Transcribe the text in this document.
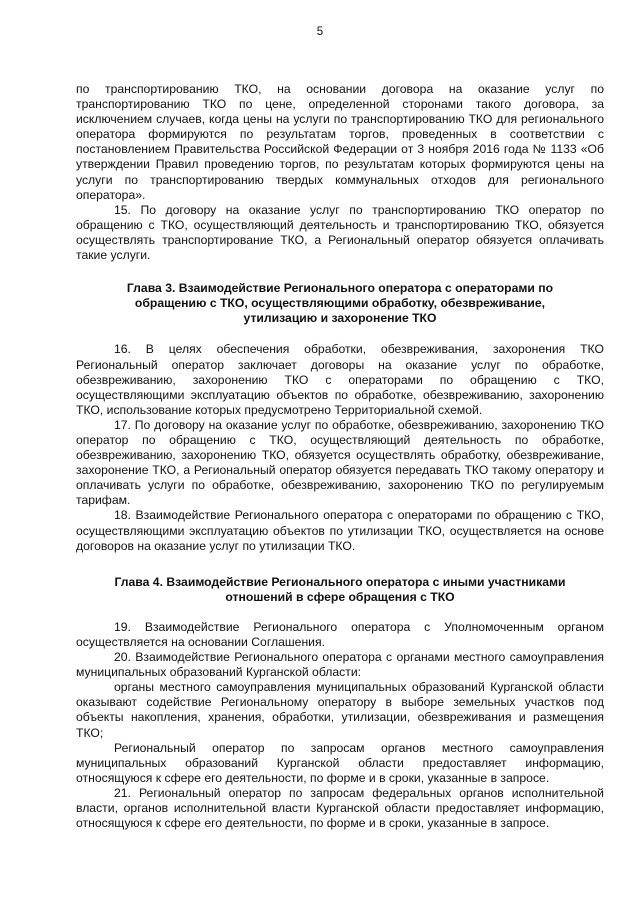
5

по транспортированию ТКО, на основании договора на оказание услуг по транспортированию ТКО по цене, определенной сторонами такого договора, за исключением случаев, когда цены на услуги по транспортированию ТКО для регионального оператора формируются по результатам торгов, проведенных в соответствии с постановлением Правительства Российской Федерации от 3 ноября 2016 года № 1133 «Об утверждении Правил проведению торгов, по результатам которых формируются цены на услуги по транспортированию твердых коммунальных отходов для регионального оператора».

15. По договору на оказание услуг по транспортированию ТКО оператор по обращению с ТКО, осуществляющий деятельность и транспортированию ТКО, обязуется осуществлять транспортирование ТКО, а Региональный оператор обязуется оплачивать такие услуги.

Глава 3. Взаимодействие Регионального оператора с операторами по обращению с ТКО, осуществляющими обработку, обезвреживание, утилизацию и захоронение ТКО

16. В целях обеспечения обработки, обезвреживания, захоронения ТКО Региональный оператор заключает договоры на оказание услуг по обработке, обезвреживанию, захоронению ТКО с операторами по обращению с ТКО, осуществляющими эксплуатацию объектов по обработке, обезвреживанию, захоронению ТКО, использование которых предусмотрено Территориальной схемой.

17. По договору на оказание услуг по обработке, обезвреживанию, захоронению ТКО оператор по обращению с ТКО, осуществляющий деятельность по обработке, обезвреживанию, захоронению ТКО, обязуется осуществлять обработку, обезвреживание, захоронение ТКО, а Региональный оператор обязуется передавать ТКО такому оператору и оплачивать услуги по обработке, обезвреживанию, захоронению ТКО по регулируемым тарифам.

18. Взаимодействие Регионального оператора с операторами по обращению с ТКО, осуществляющими эксплуатацию объектов по утилизации ТКО, осуществляется на основе договоров на оказание услуг по утилизации ТКО.

Глава 4. Взаимодействие Регионального оператора с иными участниками отношений в сфере обращения с ТКО

19. Взаимодействие Регионального оператора с Уполномоченным органом осуществляется на основании Соглашения.

20. Взаимодействие Регионального оператора с органами местного самоуправления муниципальных образований Курганской области:

органы местного самоуправления муниципальных образований Курганской области оказывают содействие Региональному оператору в выборе земельных участков под объекты накопления, хранения, обработки, утилизации, обезвреживания и размещения ТКО;

Региональный оператор по запросам органов местного самоуправления муниципальных образований Курганской области предоставляет информацию, относящуюся к сфере его деятельности, по форме и в сроки, указанные в запросе.

21. Региональный оператор по запросам федеральных органов исполнительной власти, органов исполнительной власти Курганской области предоставляет информацию, относящуюся к сфере его деятельности, по форме и в сроки, указанные в запросе.
